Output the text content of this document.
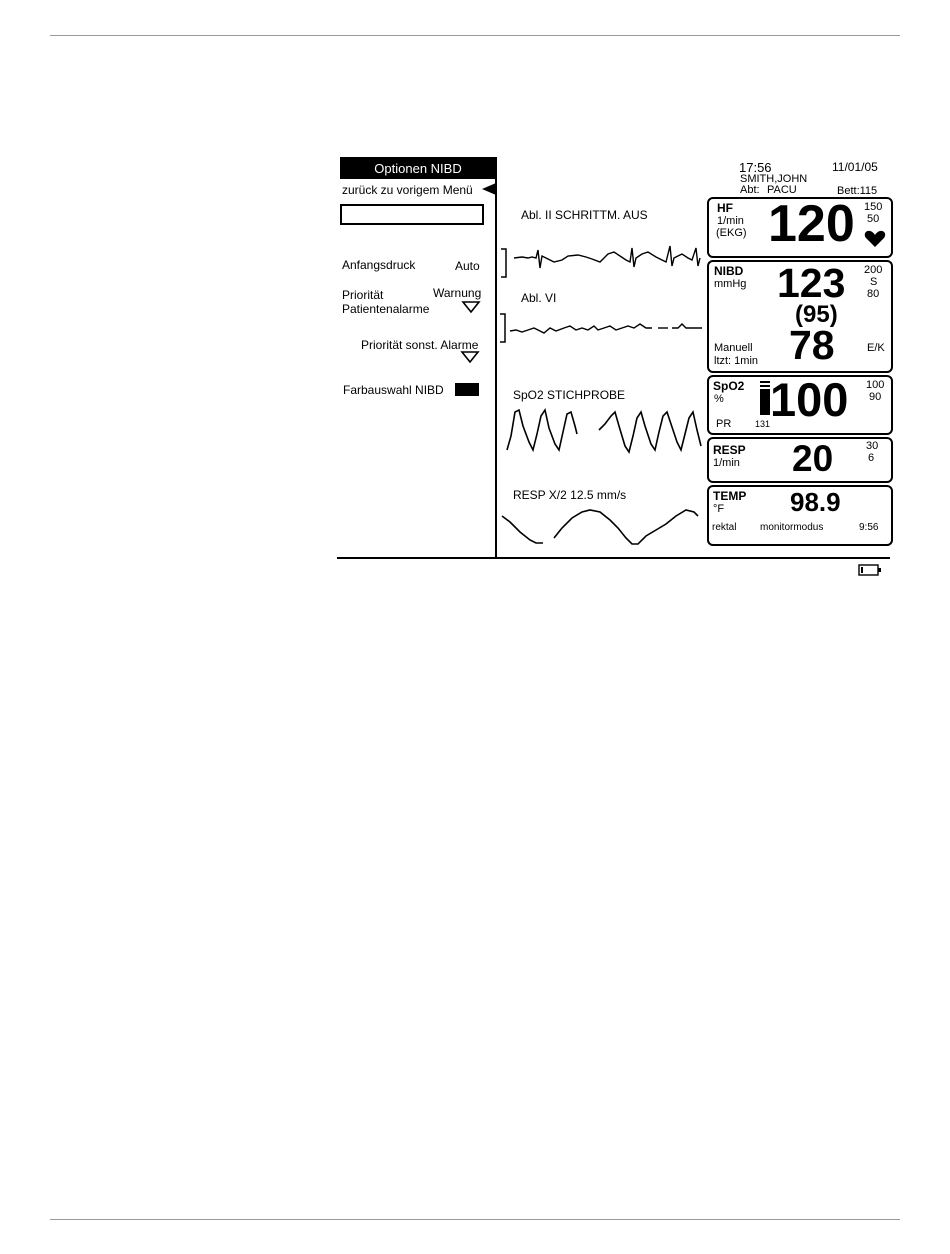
Optionen NIBD
zurück zu vorigem Menü
Anfangsdruck	Auto
Priorität
Patientenalarme
Warnung
Priorität sonst. Alarme
Farbauswahl NIBD
17:56	11/01/05
SMITH,JOHN
Abt: PACU	Bett:115
Abl. II SCHRITTM. AUS
Abl. VI
SpO2 STICHPROBE
RESP X/2 12.5 mm/s
HF
1/min
(EKG) 120 150
50
NIBD
mmHg 123
(95)
78
200
S
80
Manuell
ltzt: 1min
E/K
SpO2
% 100 100
90
PR	131
RESP
1/min 20	30
6
TEMP
°F	98.9
rektal monitormodus	9:56
